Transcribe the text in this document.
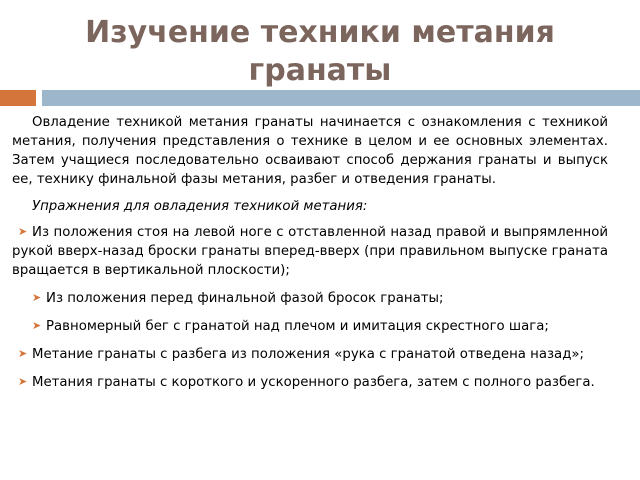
Изучение техники метания гранаты

Овладение техникой метания гранаты начинается с ознакомления с техникой метания, получения представления о технике в целом и ее основных элементах. Затем учащиеся последовательно осваивают способ держания гранаты и выпуск ее, технику финальной фазы метания, разбег и отведения гранаты.

Упражнения для овладения техникой метания:

➤ Из положения стоя на левой ноге с отставленной назад правой и выпрямленной рукой вверх-назад броски гранаты вперед-вверх (при правильном выпуске граната вращается в вертикальной плоскости);

➤ Из положения перед финальной фазой бросок гранаты;

➤ Равномерный бег с гранатой над плечом и имитация скрестного шага;

➤ Метание гранаты с разбега из положения «рука с гранатой отведена назад»;

➤ Метания гранаты с короткого и ускоренного разбега, затем с полного разбега.
